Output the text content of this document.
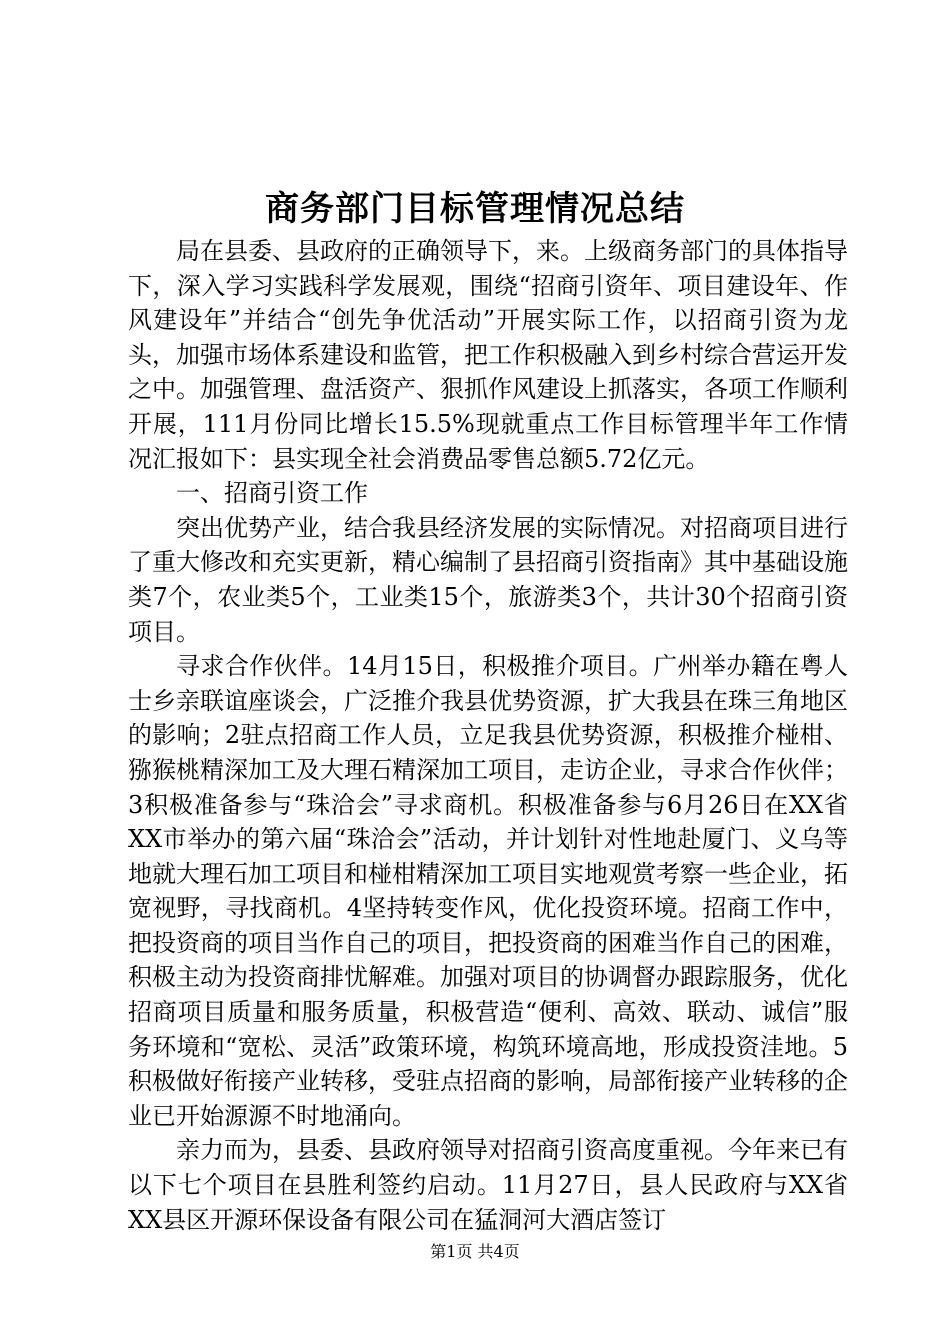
商务部门目标管理情况总结

局在县委、县政府的正确领导下，来。上级商务部门的具体指导下，深入学习实践科学发展观，围绕“招商引资年、项目建设年、作风建设年”并结合“创先争优活动”开展实际工作，以招商引资为龙头，加强市场体系建设和监管，把工作积极融入到乡村综合营运开发之中。加强管理、盘活资产、狠抓作风建设上抓落实，各项工作顺利开展，111月份同比增长15.5%现就重点工作目标管理半年工作情况汇报如下：县实现全社会消费品零售总额5.72亿元。

一、招商引资工作

突出优势产业，结合我县经济发展的实际情况。对招商项目进行了重大修改和充实更新，精心编制了县招商引资指南》其中基础设施类7个，农业类5个，工业类15个，旅游类3个，共计30个招商引资项目。

寻求合作伙伴。14月15日，积极推介项目。广州举办籍在粤人士乡亲联谊座谈会，广泛推介我县优势资源，扩大我县在珠三角地区的影响；2驻点招商工作人员，立足我县优势资源，积极推介椪柑、猕猴桃精深加工及大理石精深加工项目，走访企业，寻求合作伙伴；3积极准备参与“珠洽会”寻求商机。积极准备参与6月26日在XX省XX市举办的第六届“珠洽会”活动，并计划针对性地赴厦门、义乌等地就大理石加工项目和椪柑精深加工项目实地观赏考察一些企业，拓宽视野，寻找商机。4坚持转变作风，优化投资环境。招商工作中，把投资商的项目当作自己的项目，把投资商的困难当作自己的困难，积极主动为投资商排忧解难。加强对项目的协调督办跟踪服务，优化招商项目质量和服务质量，积极营造“便利、高效、联动、诚信”服务环境和“宽松、灵活”政策环境，构筑环境高地，形成投资洼地。5积极做好衔接产业转移，受驻点招商的影响，局部衔接产业转移的企业已开始源源不时地涌向。

亲力而为，县委、县政府领导对招商引资高度重视。今年来已有以下七个项目在县胜利签约启动。11月27日，县人民政府与XX省XX县区开源环保设备有限公司在猛洞河大酒店签订

第1页 共4页
